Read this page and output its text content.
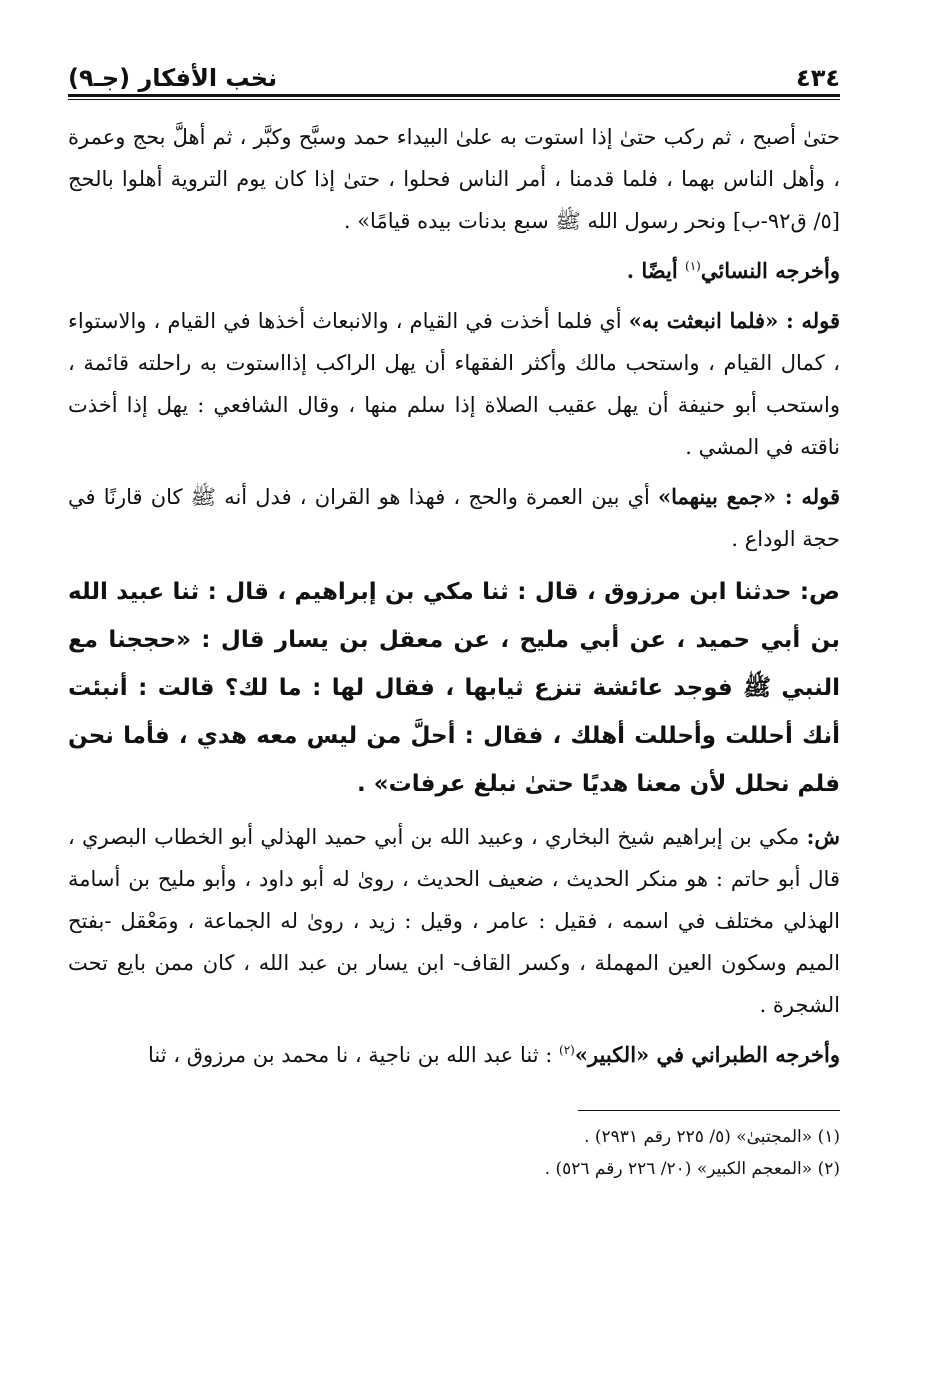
٤٣٤
نخب الأفكار (جـ٩)

حتىٰ أصبح ، ثم ركب حتىٰ إذا استوت به علىٰ البيداء حمد وسبَّح وكبَّر ، ثم أهلَّ بحج وعمرة ، وأهل الناس بهما ، فلما قدمنا ، أمر الناس فحلوا ، حتىٰ إذا كان يوم التروية أهلوا بالحج [٥/ ق٩٢-ب] ونحر رسول الله ﷺ سبع بدنات بيده قيامًا» .

وأخرجه النسائي$^{(١)}$ أيضًا .

قوله : «فلما انبعثت به» أي فلما أخذت في القيام ، والانبعاث أخذها في القيام ، والاستواء ، كمال القيام ، واستحب مالك وأكثر الفقهاء أن يهل الراكب إذااستوت به راحلته قائمة ، واستحب أبو حنيفة أن يهل عقيب الصلاة إذا سلم منها ، وقال الشافعي : يهل إذا أخذت ناقته في المشي .

قوله : «جمع بينهما» أي بين العمرة والحج ، فهذا هو القران ، فدل أنه ﷺ كان قارنًا في حجة الوداع .

ص: حدثنا ابن مرزوق ، قال : ثنا مكي بن إبراهيم ، قال : ثنا عبيد الله بن أبي حميد ، عن أبي مليح ، عن معقل بن يسار قال : «حججنا مع النبي ﷺ فوجد عائشة تنزع ثيابها ، فقال لها : ما لك؟ قالت : أنبئت أنك أحللت وأحللت أهلك ، فقال : أحلَّ من ليس معه هدي ، فأما نحن فلم نحلل لأن معنا هديًا حتىٰ نبلغ عرفات» .

ش: مكي بن إبراهيم شيخ البخاري ، وعبيد الله بن أبي حميد الهذلي أبو الخطاب البصري ، قال أبو حاتم : هو منكر الحديث ، ضعيف الحديث ، روىٰ له أبو داود ، وأبو مليح بن أسامة الهذلي مختلف في اسمه ، فقيل : عامر ، وقيل : زيد ، روىٰ له الجماعة ، ومَعْقل -بفتح الميم وسكون العين المهملة ، وكسر القاف- ابن يسار بن عبد الله ، كان ممن بايع تحت الشجرة .

وأخرجه الطبراني في «الكبير»$^{(٢)}$ : ثنا عبد الله بن ناجية ، نا محمد بن مرزوق ، ثنا

(١) «المجتبىٰ» (٥/ ٢٢٥ رقم ٢٩٣١) .

(٢) «المعجم الكبير» (٢٠/ ٢٢٦ رقم ٥٢٦) .
